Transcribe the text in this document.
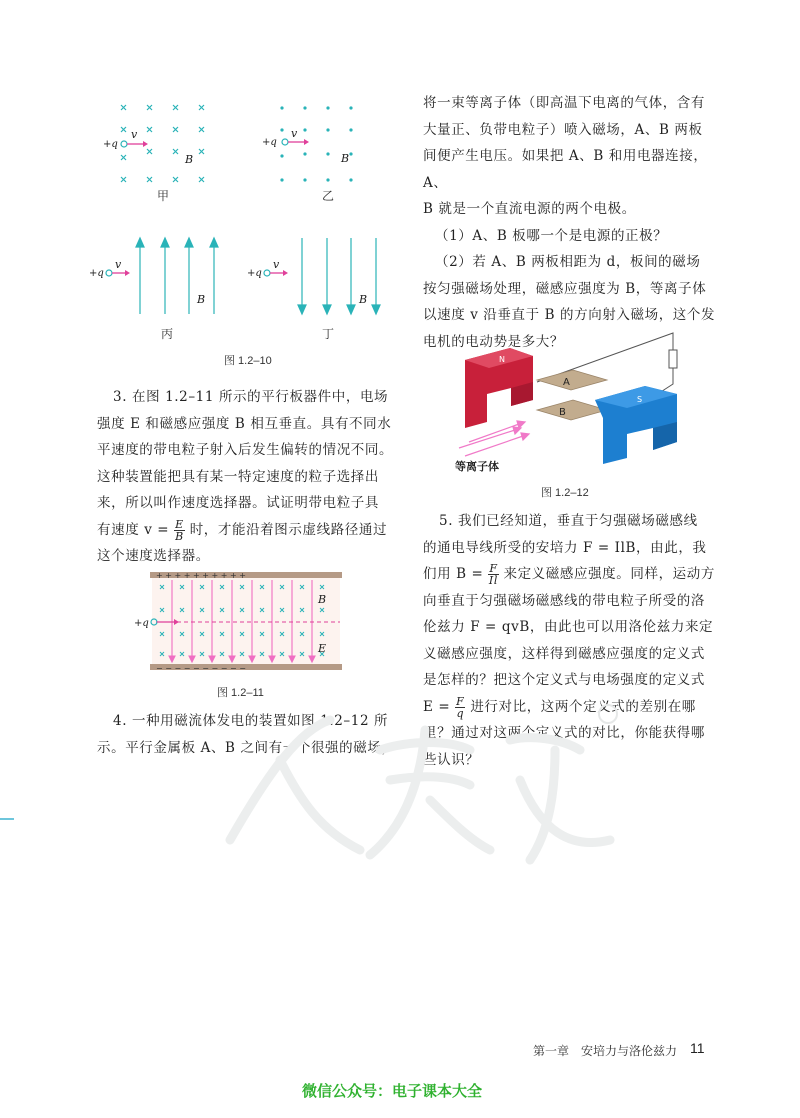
+q
v
B
甲
+q
v
B
乙
+q
v
B
丙
+q
v
B
丁
图 1.2–10
3. 在图 1.2–11 所示的平行板器件中，电场
强度 E 和磁感应强度 B 相互垂直。具有不同水
平速度的带电粒子射入后发生偏转的情况不同。
这种装置能把具有某一特定速度的粒子选择出
来，所以叫作速度选择器。试证明带电粒子具
有速度 $v = \frac{E}{B}$ 时，才能沿着图示虚线路径通过
这个速度选择器。
+ + + + + + + + + +
− − − − − − − − − −
+q
B
E
图 1.2–11
4. 一种用磁流体发电的装置如图 1.2–12 所
示。平行金属板 A、B 之间有一个很强的磁场，
将一束等离子体（即高温下电离的气体，含有
大量正、负带电粒子）喷入磁场，A、B 两板
间便产生电压。如果把 A、B 和用电器连接，A、
B 就是一个直流电源的两个电极。
（1）A、B 板哪一个是电源的正极？
（2）若 A、B 两板相距为 d，板间的磁场
按匀强磁场处理，磁感应强度为 B，等离子体
以速度 v 沿垂直于 B 的方向射入磁场，这个发
电机的电动势是多大？
N
A
B
S
等离子体
图 1.2–12
5. 我们已经知道，垂直于匀强磁场磁感线
的通电导线所受的安培力 F = IlB，由此，我
们用 $B = \frac{F}{Il}$ 来定义磁感应强度。同样，运动方
向垂直于匀强磁场磁感线的带电粒子所受的洛
伦兹力 F = qvB，由此也可以用洛伦兹力来定
义磁感应强度，这样得到磁感应强度的定义式
是怎样的？把这个定义式与电场强度的定义式
$E = \frac{F}{q}$ 进行对比，这两个定义式的差别在哪
里？通过对这两个定义式的对比，你能获得哪
些认识？
第一章　安培力与洛伦兹力 11
微信公众号：电子课本大全
